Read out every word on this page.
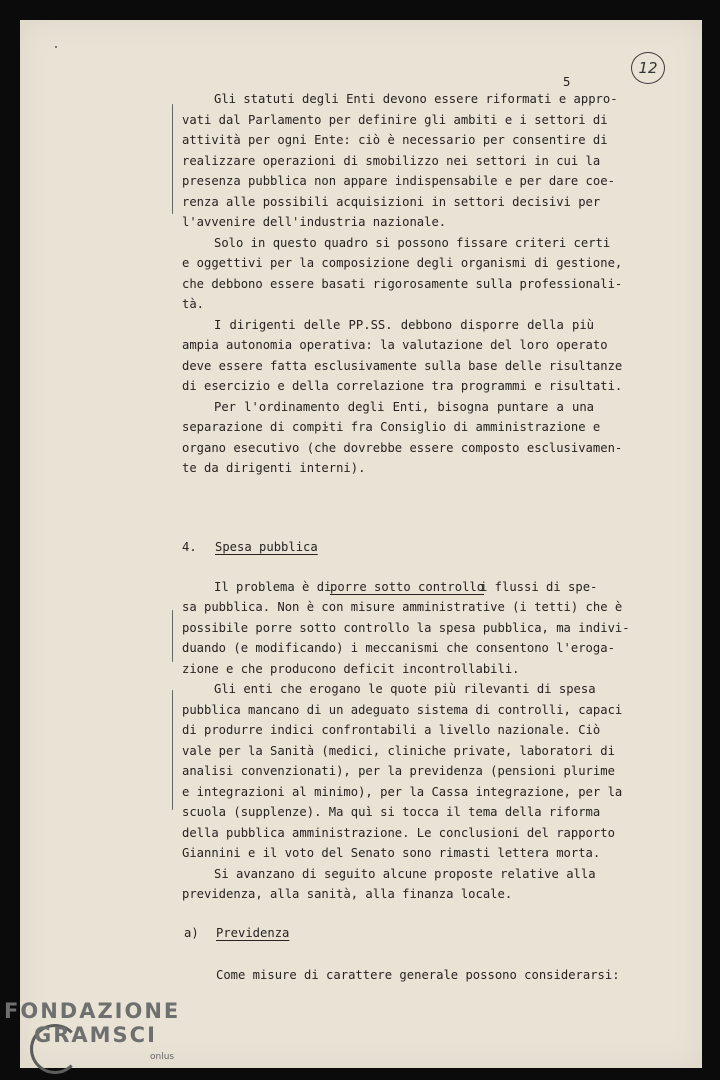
5
12
Gli statuti degli Enti devono essere riformati e appro-
vati dal Parlamento per definire gli ambiti e i settori di
attività per ogni Ente: ciò è necessario per consentire di
realizzare operazioni di smobilizzo nei settori in cui la
presenza pubblica non appare indispensabile e per dare coe-
renza alle possibili acquisizioni in settori decisivi per
l'avvenire dell'industria nazionale.
Solo in questo quadro si possono fissare criteri certi
e oggettivi per la composizione degli organismi di gestione,
che debbono essere basati rigorosamente sulla professionali-
tà.
I dirigenti delle PP.SS. debbono disporre della più
ampia autonomia operativa: la valutazione del loro operato
deve essere fatta esclusivamente sulla base delle risultanze
di esercizio e della correlazione tra programmi e risultati.
Per l'ordinamento degli Enti, bisogna puntare a una
separazione di compiti fra Consiglio di amministrazione e
organo esecutivo (che dovrebbe essere composto esclusivamen-
te da dirigenti interni).
4. Spesa pubblica
Il problema è di
porre sotto controllo
i flussi di spe-
sa pubblica. Non è con misure amministrative (i tetti) che è
possibile porre sotto controllo la spesa pubblica, ma indivi-
duando (e modificando) i meccanismi che consentono l'eroga-
zione e che producono deficit incontrollabili.
Gli enti che erogano le quote più rilevanti di spesa
pubblica mancano di un adeguato sistema di controlli, capaci
di produrre indici confrontabili a livello nazionale. Ciò
vale per la Sanità (medici, cliniche private, laboratori di
analisi convenzionati), per la previdenza (pensioni plurime
e integrazioni al minimo), per la Cassa integrazione, per la
scuola (supplenze). Ma quì si tocca il tema della riforma
della pubblica amministrazione. Le conclusioni del rapporto
Giannini e il voto del Senato sono rimasti lettera morta.
Si avanzano di seguito alcune proposte relative alla
previdenza, alla sanità, alla finanza locale.
a) Previdenza
Come misure di carattere generale possono considerarsi:
FONDAZIONE
GRAMSCI
onlus
